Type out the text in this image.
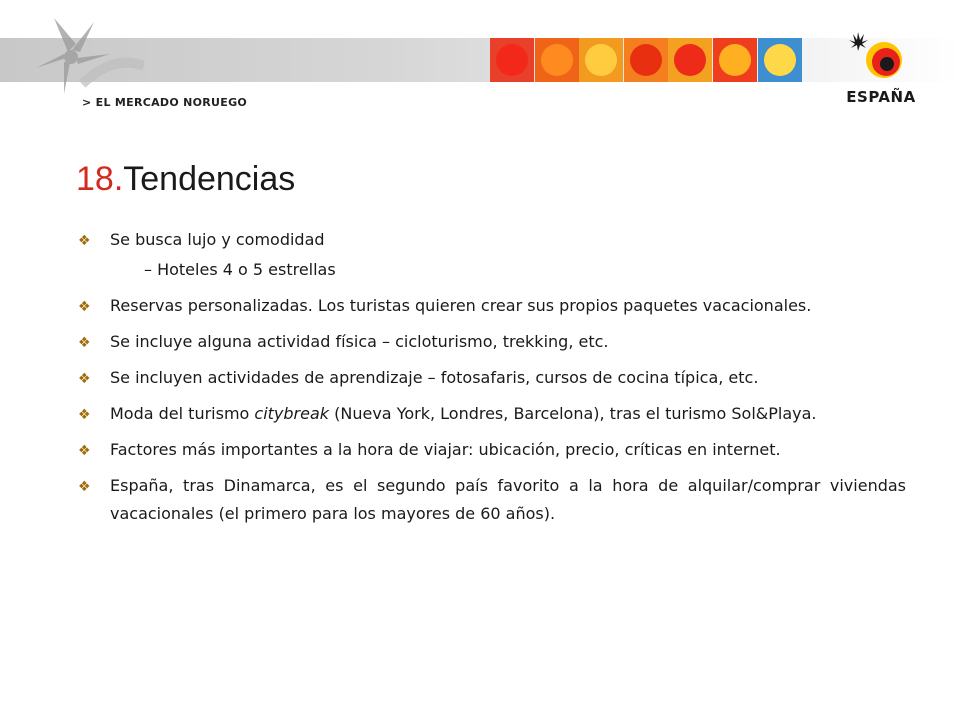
> EL MERCADO NORUEGO	ESPAÑA
18.Tendencias
❖ Se busca lujo y comodidad
– Hoteles 4 o 5 estrellas
❖ Reservas personalizadas. Los turistas quieren crear sus propios paquetes vacacionales.
❖ Se incluye alguna actividad física – cicloturismo, trekking, etc.
❖ Se incluyen actividades de aprendizaje – fotosafaris, cursos de cocina típica, etc.
❖ Moda del turismo citybreak (Nueva York, Londres, Barcelona), tras el turismo Sol&Playa.
❖ Factores más importantes a la hora de viajar: ubicación, precio, críticas en internet.
❖ España, tras Dinamarca, es el segundo país favorito a la hora de alquilar/comprar viviendas vacacionales (el primero para los mayores de 60 años).
